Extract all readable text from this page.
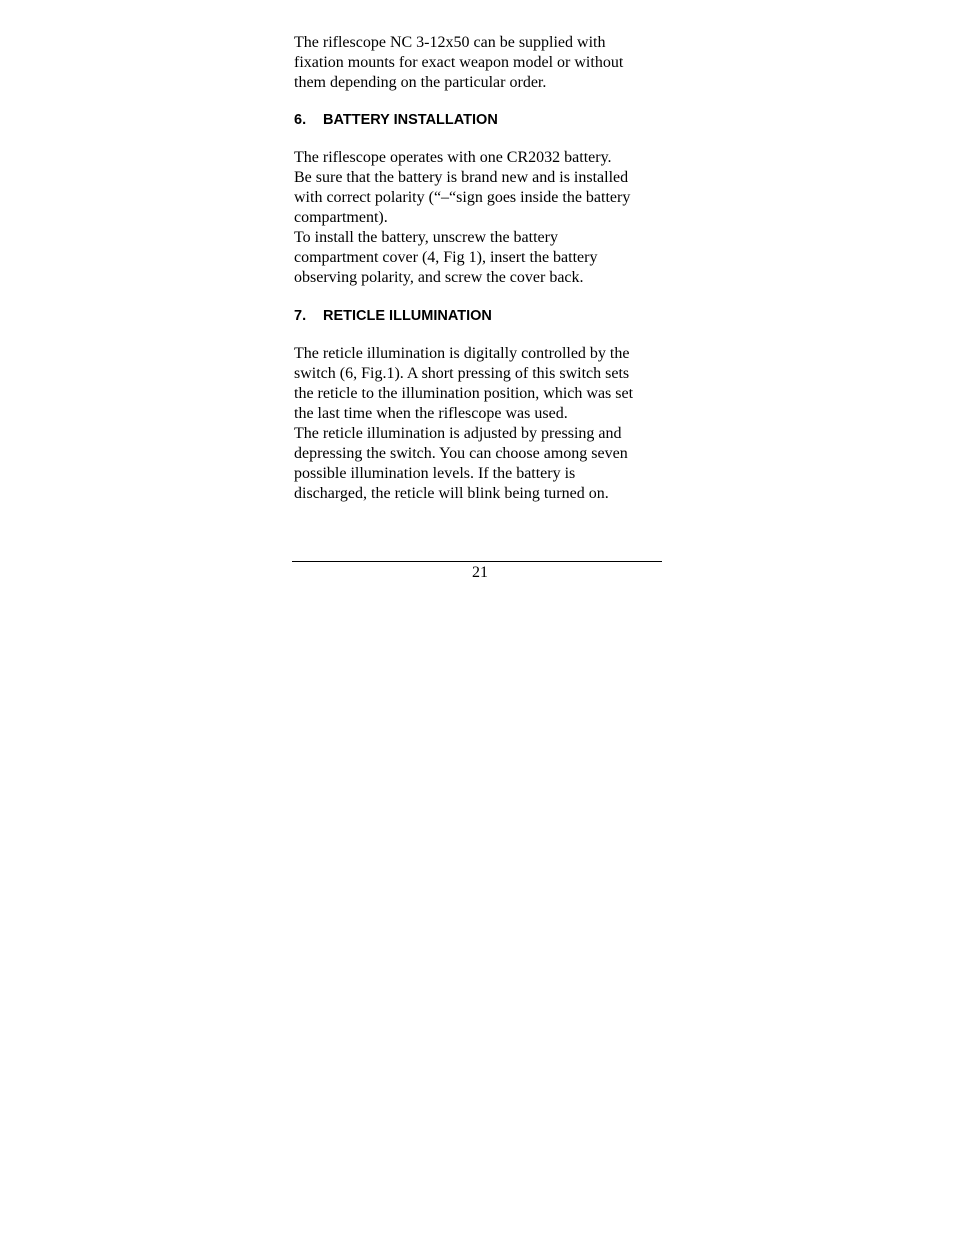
The riflescope NC 3-12x50 can be supplied with
fixation mounts for exact weapon model or without
them depending on the particular order.

6.	BATTERY INSTALLATION

The riflescope operates with one CR2032 battery.
Be sure that the battery is brand new and is installed
with correct polarity (“–“sign goes inside the battery
compartment).
To install the battery, unscrew the battery
compartment cover (4, Fig 1), insert the battery
observing polarity, and screw the cover back.

7.	RETICLE ILLUMINATION

The reticle illumination is digitally controlled by the
switch (6, Fig.1). A short pressing of this switch sets
the reticle to the illumination position, which was set
the last time when the riflescope was used.
The reticle illumination is adjusted by pressing and
depressing the switch. You can choose among seven
possible illumination levels. If the battery is
discharged, the reticle will blink being turned on.

21
